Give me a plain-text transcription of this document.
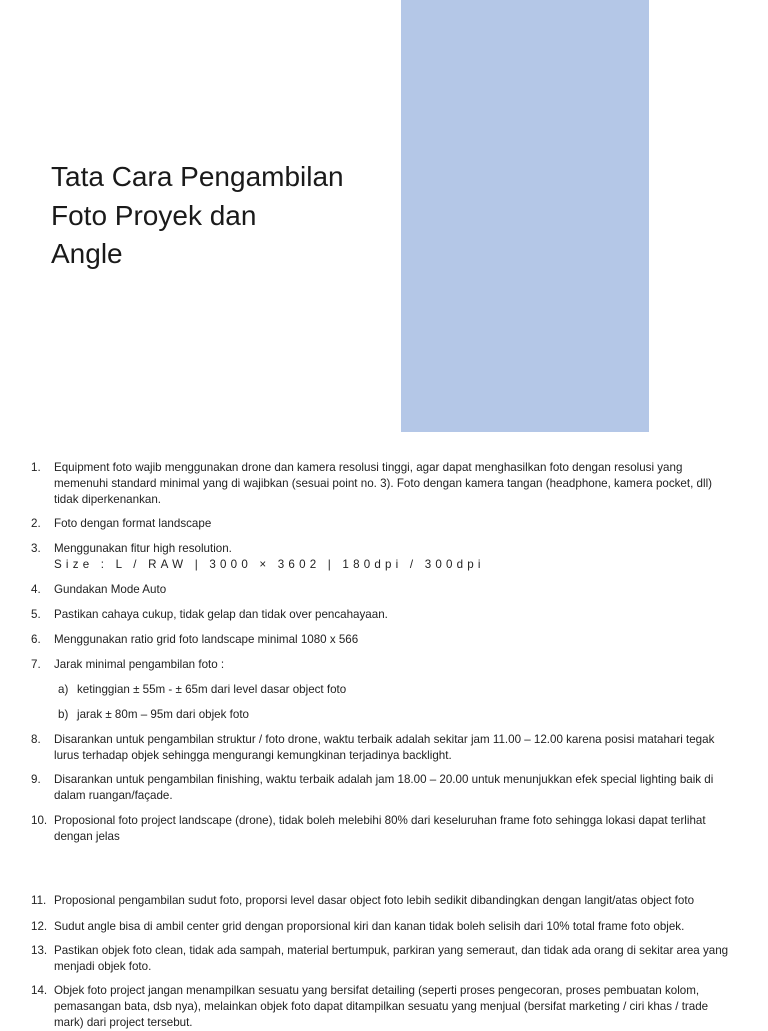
Tata Cara Pengambilan
Foto Proyek dan
Angle
1. Equipment foto wajib menggunakan drone dan kamera resolusi tinggi, agar dapat menghasilkan foto dengan resolusi yang
memenuhi standard minimal yang di wajibkan (sesuai point no. 3). Foto dengan kamera tangan (headphone, kamera pocket, dll)
tidak diperkenankan.
2. Foto dengan format landscape
3. Menggunakan fitur high resolution.
Size : L / RAW | 3000 × 3602 | 180dpi / 300dpi
4. Gundakan Mode Auto
5. Pastikan cahaya cukup, tidak gelap dan tidak over pencahayaan.
6. Menggunakan ratio grid foto landscape minimal 1080 x 566
7. Jarak minimal pengambilan foto :
a) ketinggian ± 55m - ± 65m dari level dasar object foto
b) jarak ± 80m – 95m dari objek foto
8. Disarankan untuk pengambilan struktur / foto drone, waktu terbaik adalah sekitar jam 11.00 – 12.00 karena posisi matahari tegak
lurus terhadap objek sehingga mengurangi kemungkinan terjadinya backlight.
9. Disarankan untuk pengambilan finishing, waktu terbaik adalah jam 18.00 – 20.00 untuk menunjukkan efek special lighting baik di
dalam ruangan/façade.
10. Proposional foto project landscape (drone), tidak boleh melebihi 80% dari keseluruhan frame foto sehingga lokasi dapat terlihat
dengan jelas
11. Proposional pengambilan sudut foto, proporsi level dasar object foto lebih sedikit dibandingkan dengan langit/atas object foto
12. Sudut angle bisa di ambil center grid dengan proporsional kiri dan kanan tidak boleh selisih dari 10% total frame foto objek.
13. Pastikan objek foto clean, tidak ada sampah, material bertumpuk, parkiran yang semeraut, dan tidak ada orang di sekitar area yang
menjadi objek foto.
14. Objek foto project jangan menampilkan sesuatu yang bersifat detailing (seperti proses pengecoran, proses pembuatan kolom,
pemasangan bata, dsb nya), melainkan objek foto dapat ditampilkan sesuatu yang menjual (bersifat marketing / ciri khas / trade
mark) dari project tersebut.
